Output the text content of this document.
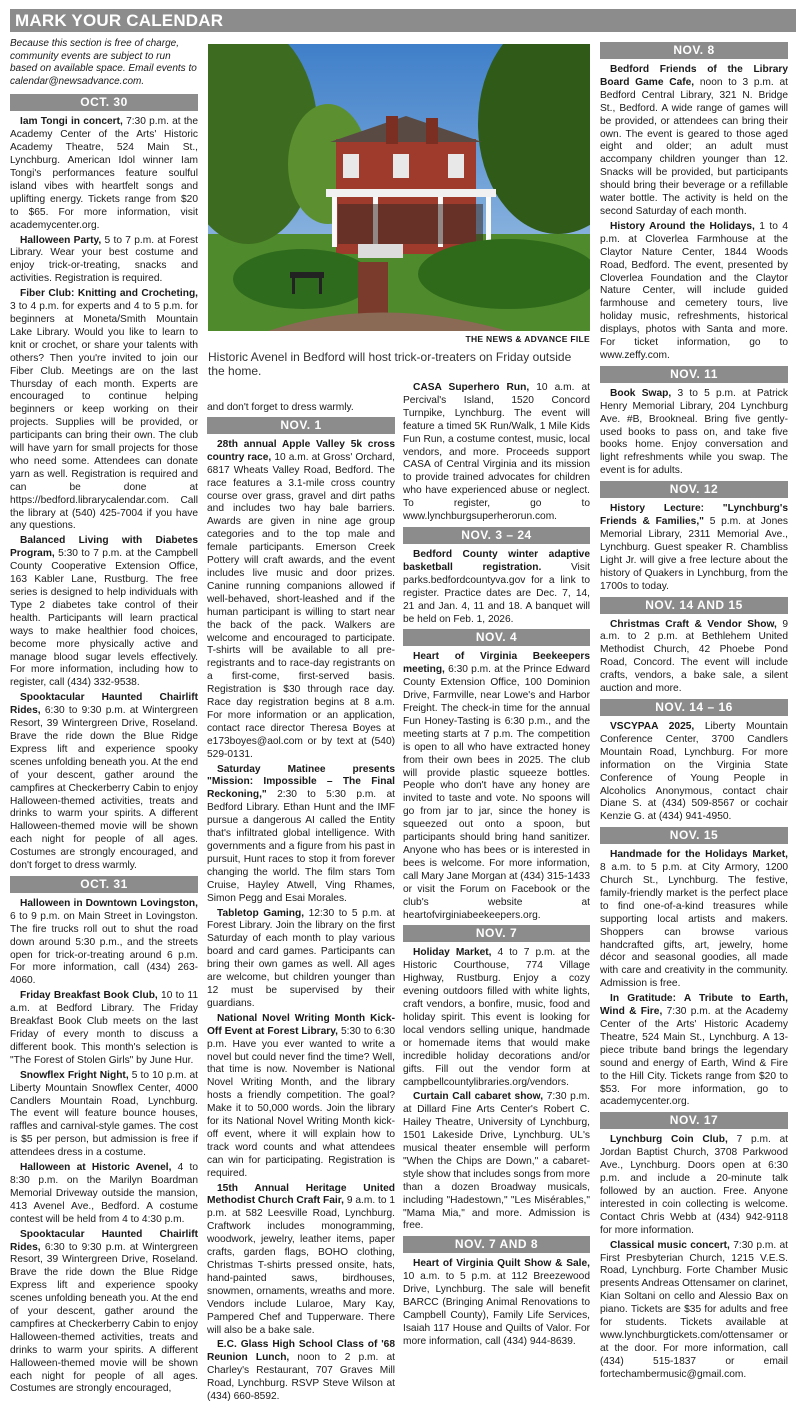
MARK YOUR CALENDAR

Because this section is free of charge, community events are subject to run based on available space. Email events to calendar@newsadvance.com.

OCT. 30

Iam Tongi in concert, 7:30 p.m. at the Academy Center of the Arts' Historic Academy Theatre, 524 Main St., Lynchburg. American Idol winner Iam Tongi's performances feature soulful island vibes with heartfelt songs and uplifting energy. Tickets range from $20 to $65. For more information, visit academycenter.org.

Halloween Party, 5 to 7 p.m. at Forest Library. Wear your best costume and enjoy trick-or-treating, snacks and activities. Registration is required.

Fiber Club: Knitting and Crocheting, 3 to 4 p.m. for experts and 4 to 5 p.m. for beginners at Moneta/Smith Mountain Lake Library. Would you like to learn to knit or crochet, or share your talents with others? Then you're invited to join our Fiber Club. Meetings are on the last Thursday of each month. Experts are encouraged to continue helping beginners or keep working on their projects. Supplies will be provided, or participants can bring their own. The club will have yarn for small projects for those who need some. Attendees can donate yarn as well. Registration is required and can be done at https://bedford.librarycalendar.com. Call the library at (540) 425-7004 if you have any questions.

Balanced Living with Diabetes Program, 5:30 to 7 p.m. at the Campbell County Cooperative Extension Office, 163 Kabler Lane, Rustburg. The free series is designed to help individuals with Type 2 diabetes take control of their health. Participants will learn practical ways to make healthier food choices, become more physically active and manage blood sugar levels effectively. For more information, including how to register, call (434) 332-9538.

Spooktacular Haunted Chairlift Rides, 6:30 to 9:30 p.m. at Wintergreen Resort, 39 Wintergreen Drive, Roseland. Brave the ride down the Blue Ridge Express lift and experience spooky scenes unfolding beneath you. At the end of your descent, gather around the campfires at Checkerberry Cabin to enjoy Halloween-themed activities, treats and drinks to warm your spirits. A different Halloween-themed movie will be shown each night for people of all ages. Costumes are strongly encouraged, and don't forget to dress warmly.

OCT. 31

Halloween in Downtown Lovingston, 6 to 9 p.m. on Main Street in Lovingston. The fire trucks roll out to shut the road down around 5:30 p.m., and the streets open for trick-or-treating around 6 p.m. For more information, call (434) 263-4060.

Friday Breakfast Book Club, 10 to 11 a.m. at Bedford Library. The Friday Breakfast Book Club meets on the last Friday of every month to discuss a different book. This month's selection is "The Forest of Stolen Girls" by June Hur.

Snowflex Fright Night, 5 to 10 p.m. at Liberty Mountain Snowflex Center, 4000 Candlers Mountain Road, Lynchburg. The event will feature bounce houses, raffles and carnival-style games. The cost is $5 per person, but admission is free if attendees dress in a costume.

Halloween at Historic Avenel, 4 to 8:30 p.m. on the Marilyn Boardman Memorial Driveway outside the mansion, 413 Avenel Ave., Bedford. A costume contest will be held from 4 to 4:30 p.m.

Spooktacular Haunted Chairlift Rides, 6:30 to 9:30 p.m. at Wintergreen Resort, 39 Wintergreen Drive, Roseland. Brave the ride down the Blue Ridge Express lift and experience spooky scenes unfolding beneath you. At the end of your descent, gather around the campfires at Checkerberry Cabin to enjoy Halloween-themed activities, treats and drinks to warm your spirits. A different Halloween-themed movie will be shown each night for people of all ages. Costumes are strongly encouraged,

THE NEWS & ADVANCE FILE
Historic Avenel in Bedford will host trick-or-treaters on Friday outside the home.

and don't forget to dress warmly.

NOV. 1

28th annual Apple Valley 5k cross country race, 10 a.m. at Gross' Orchard, 6817 Wheats Valley Road, Bedford. The race features a 3.1-mile cross country course over grass, gravel and dirt paths and includes two hay bale barriers. Awards are given in nine age group categories and to the top male and female participants. Emerson Creek Pottery will craft awards, and the event includes live music and door prizes. Canine running companions allowed if well-behaved, short-leashed and if the human participant is willing to start near the back of the pack. Walkers are welcome and encouraged to participate. T-shirts will be available to all pre-registrants and to race-day registrants on a first-come, first-served basis. Registration is $30 through race day. Race day registration begins at 8 a.m. For more information or an application, contact race director Theresa Boyes at e173boyes@aol.com or by text at (540) 529-0131.

Saturday Matinee presents "Mission: Impossible – The Final Reckoning," 2:30 to 5:30 p.m. at Bedford Library. Ethan Hunt and the IMF pursue a dangerous AI called the Entity that's infiltrated global intelligence. With governments and a figure from his past in pursuit, Hunt races to stop it from forever changing the world. The film stars Tom Cruise, Hayley Atwell, Ving Rhames, Simon Pegg and Esai Morales.

Tabletop Gaming, 12:30 to 5 p.m. at Forest Library. Join the library on the first Saturday of each month to play various board and card games. Participants can bring their own games as well. All ages are welcome, but children younger than 12 must be supervised by their guardians.

National Novel Writing Month Kick-Off Event at Forest Library, 5:30 to 6:30 p.m. Have you ever wanted to write a novel but could never find the time? Well, that time is now. November is National Novel Writing Month, and the library hosts a friendly competition. The goal? Make it to 50,000 words. Join the library for its National Novel Writing Month kick-off event, where it will explain how to track word counts and what attendees can win for participating. Registration is required.

15th Annual Heritage United Methodist Church Craft Fair, 9 a.m. to 1 p.m. at 582 Leesville Road, Lynchburg. Craftwork includes monogramming, woodwork, jewelry, leather items, paper crafts, garden flags, BOHO clothing, Christmas T-shirts pressed onsite, hats, hand-painted saws, birdhouses, snowmen, ornaments, wreaths and more. Vendors include Lularoe, Mary Kay, Pampered Chef and Tupperware. There will also be a bake sale.

E.C. Glass High School Class of '68 Reunion Lunch, noon to 2 p.m. at Charley's Restaurant, 707 Graves Mill Road, Lynchburg. RSVP Steve Wilson at (434) 660-8592.

CASA Superhero Run, 10 a.m. at Percival's Island, 1520 Concord Turnpike, Lynchburg. The event will feature a timed 5K Run/Walk, 1 Mile Kids Fun Run, a costume contest, music, local vendors, and more. Proceeds support CASA of Central Virginia and its mission to provide trained advocates for children who have experienced abuse or neglect. To register, go to www.lynchburgsuperherorun.com.

NOV. 3 – 24

Bedford County winter adaptive basketball registration.	Visit parks.bedfordcountyva.gov for a link to register. Practice dates are Dec. 7, 14, 21 and Jan. 4, 11 and 18. A banquet will be held on Feb. 1, 2026.

NOV. 4

Heart of Virginia Beekeepers meeting, 6:30 p.m. at the Prince Edward County Extension Office, 100 Dominion Drive, Farmville, near Lowe's and Harbor Freight. The check-in time for the annual Fun Honey-Tasting is 6:30 p.m., and the meeting starts at 7 p.m. The competition is open to all who have extracted honey from their own bees in 2025. The club will provide plastic squeeze bottles. People who don't have any honey are invited to taste and vote. No spoons will go from jar to jar, since the honey is squeezed out onto a spoon, but participants should bring hand sanitizer. Anyone who has bees or is interested in bees is welcome. For more information, call Mary Jane Morgan at (434) 315-1433 or visit the Forum on Facebook or the club's website at heartofvirginiabeekeepers.org.

NOV. 7

Holiday Market, 4 to 7 p.m. at the Historic Courthouse, 774 Village Highway, Rustburg. Enjoy a cozy evening outdoors filled with white lights, craft vendors, a bonfire, music, food and holiday spirit. This event is looking for local vendors selling unique, handmade or homemade items that would make incredible holiday decorations and/or gifts. Fill out the vendor form at campbellcountylibraries.org/vendors.

Curtain Call cabaret show, 7:30 p.m. at Dillard Fine Arts Center's Robert C. Hailey Theatre, University of Lynchburg, 1501 Lakeside Drive, Lynchburg. UL's musical theater ensemble will perform "When the Chips are Down," a cabaret-style show that includes songs from more than a dozen Broadway musicals, including "Hadestown," "Les Misérables," "Mama Mia," and more. Admission is free.

NOV. 7 AND 8

Heart of Virginia Quilt Show & Sale, 10 a.m. to 5 p.m. at 112 Breezewood Drive, Lynchburg. The sale will benefit BARCC (Bringing Animal Renovations to Campbell County), Family Life Services, Isaiah 117 House and Quilts of Valor. For more information, call (434) 944-8639.

NOV. 8

Bedford Friends of the Library Board Game Cafe, noon to 3 p.m. at Bedford Central Library, 321 N. Bridge St., Bedford. A wide range of games will be provided, or attendees can bring their own. The event is geared to those aged eight and older; an adult must accompany children younger than 12. Snacks will be provided, but participants should bring their beverage or a refillable water bottle. The activity is held on the second Saturday of each month.

History Around the Holidays, 1 to 4 p.m. at Cloverlea Farmhouse at the Claytor Nature Center, 1844 Woods Road, Bedford. The event, presented by Cloverlea Foundation and the Claytor Nature Center, will include guided farmhouse and cemetery tours, live holiday music, refreshments, historical displays, photos with Santa and more. For ticket information, go to www.zeffy.com.

NOV. 11

Book Swap, 3 to 5 p.m. at Patrick Henry Memorial Library, 204 Lynchburg Ave. #B, Brookneal. Bring five gently-used books to pass on, and take five books home. Enjoy conversation and light refreshments while you swap. The event is for adults.

NOV. 12

History Lecture: "Lynchburg's Friends & Families," 5 p.m. at Jones Memorial Library, 2311 Memorial Ave., Lynchburg. Guest speaker R. Chambliss Light Jr. will give a free lecture about the history of Quakers in Lynchburg, from the 1700s to today.

NOV. 14 AND 15

Christmas Craft & Vendor Show, 9 a.m. to 2 p.m. at Bethlehem United Methodist Church, 42 Phoebe Pond Road, Concord. The event will include crafts, vendors, a bake sale, a silent auction and more.

NOV. 14 – 16

VSCYPAA 2025, Liberty Mountain Conference Center, 3700 Candlers Mountain Road, Lynchburg. For more information on the Virginia State Conference of Young People in Alcoholics Anonymous, contact chair Diane S. at (434) 509-8567 or cochair Kenzie G. at (434) 941-4950.

NOV. 15

Handmade for the Holidays Market, 8 a.m. to 5 p.m. at City Armory, 1200 Church St., Lynchburg. The festive, family-friendly market is the perfect place to find one-of-a-kind treasures while supporting local artists and makers. Shoppers can browse various handcrafted gifts, art, jewelry, home décor and seasonal goodies, all made with care and creativity in the community. Admission is free.

In Gratitude: A Tribute to Earth, Wind & Fire, 7:30 p.m. at the Academy Center of the Arts' Historic Academy Theatre, 524 Main St., Lynchburg. A 13-piece tribute band brings the legendary sound and energy of Earth, Wind & Fire to the Hill City. Tickets range from $20 to $53. For more information, go to academycenter.org.

NOV. 17

Lynchburg Coin Club, 7 p.m. at Jordan Baptist Church, 3708 Parkwood Ave., Lynchburg. Doors open at 6:30 p.m. and include a 20-minute talk followed by an auction. Free. Anyone interested in coin collecting is welcome. Contact Chris Webb at (434) 942-9118 for more information.

Classical music concert, 7:30 p.m. at First Presbyterian Church, 1215 V.E.S. Road, Lynchburg. Forte Chamber Music presents Andreas Ottensamer on clarinet, Kian Soltani on cello and Alessio Bax on piano. Tickets are $35 for adults and free for students. Tickets available at www.lynchburgtickets.com/ottensamer or at the door. For more information, call (434) 515-1837 or email fortechambermusic@gmail.com.
